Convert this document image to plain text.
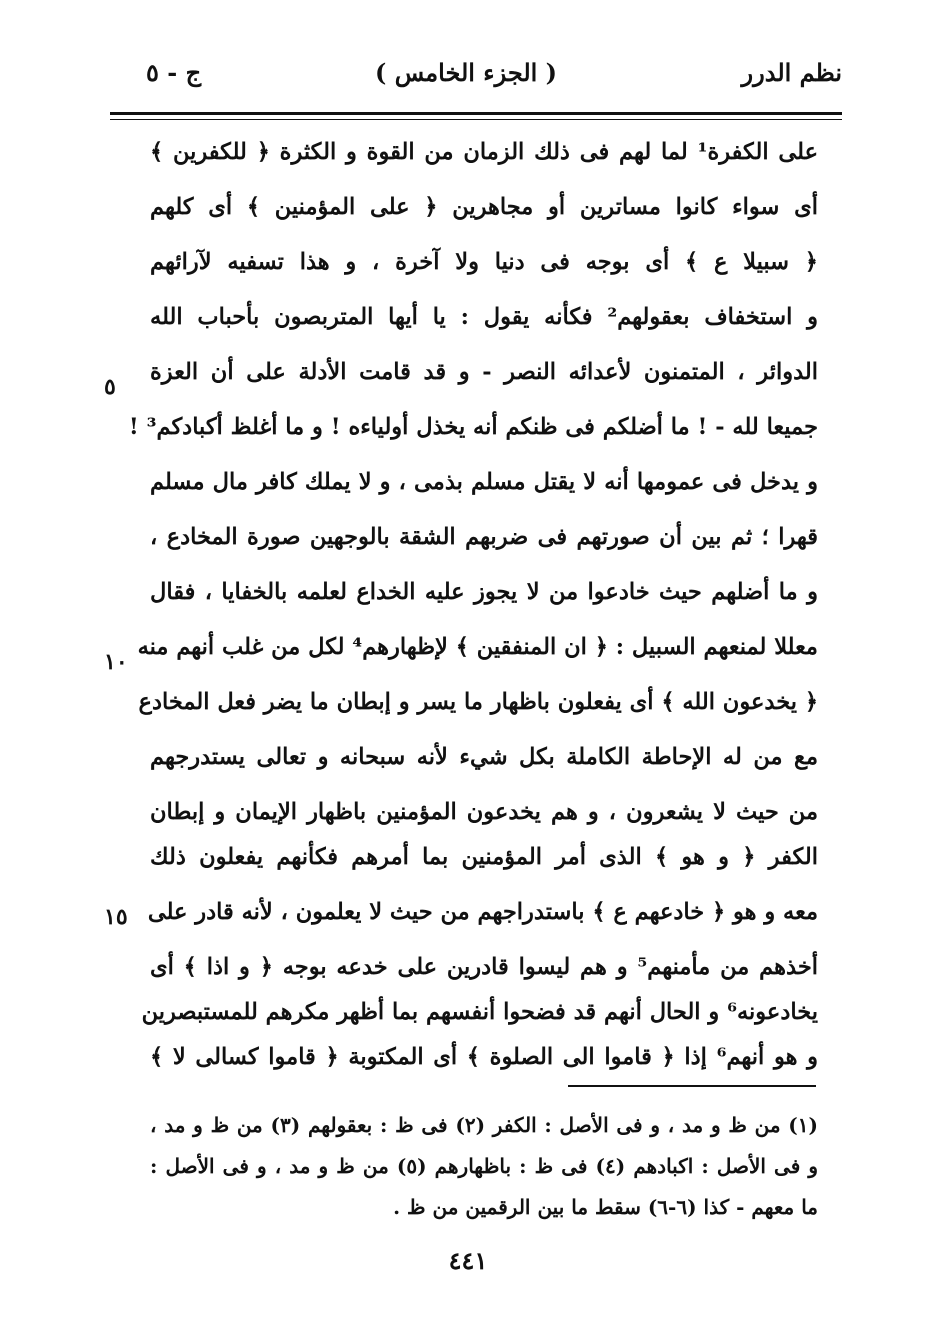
نظم الدرر
( الجزء الخامس )
ج - ٥
على الكفرة¹ لما لهم فى ذلك الزمان من القوة و الكثرة ﴿ للكفرين ﴾
أى سواء كانوا مساترين أو مجاهرين ﴿ على المؤمنين ﴾ أى كلهم
﴿ سبيلا ع ﴾ أى بوجه فى دنيا ولا آخرة ، و هذا تسفيه لآرائهم
و استخفاف بعقولهم² فكأنه يقول : يا أيها المتربصون بأحباب الله
الدوائر ، المتمنون لأعدائه النصر - و قد قامت الأدلة على أن العزة
جميعا لله - ! ما أضلكم فى ظنكم أنه يخذل أولياءه ! و ما أغلظ أكبادكم³ !
و يدخل فى عمومها أنه لا يقتل مسلم بذمى ، و لا يملك كافر مال مسلم
قهرا ؛ ثم بين أن صورتهم فى ضربهم الشقة بالوجهين صورة المخادع ،
و ما أضلهم حيث خادعوا من لا يجوز عليه الخداع لعلمه بالخفايا ، فقال
معللا لمنعهم السبيل : ﴿ ان المنفقين ﴾ لإظهارهم⁴ لكل من غلب أنهم منه
﴿ يخدعون الله ﴾ أى يفعلون باظهار ما يسر و إبطان ما يضر فعل المخادع
مع من له الإحاطة الكاملة بكل شيء لأنه سبحانه و تعالى يستدرجهم
من حيث لا يشعرون ، و هم يخدعون المؤمنين باظهار الإيمان و إبطان
الكفر ﴿ و هو ﴾ الذى أمر المؤمنين بما أمرهم فكأنهم يفعلون ذلك
معه و هو ﴿ خادعهم ع ﴾ باستدراجهم من حيث لا يعلمون ، لأنه قادر على
أخذهم من مأمنهم⁵ و هم ليسوا قادرين على خدعه بوجه ﴿ و اذا ﴾ أى
يخادعونه⁶ و الحال أنهم قد فضحوا أنفسهم بما أظهر مكرهم للمستبصرين
و هو أنهم⁶ إذا ﴿ قاموا الى الصلوة ﴾ أى المكتوبة ﴿ قاموا كسالى لا ﴾
٥
١٠
١٥
(١) من ظ و مد ، و فى الأصل : الكفر (٢) فى ظ : بعقولهم (٣) من ظ و مد ،
و فى الأصل : اكبادهم (٤) فى ظ : باظهارهم (٥) من ظ و مد ، و فى الأصل :
ما معهم - كذا (٦-٦) سقط ما بين الرقمين من ظ .
٤٤١
